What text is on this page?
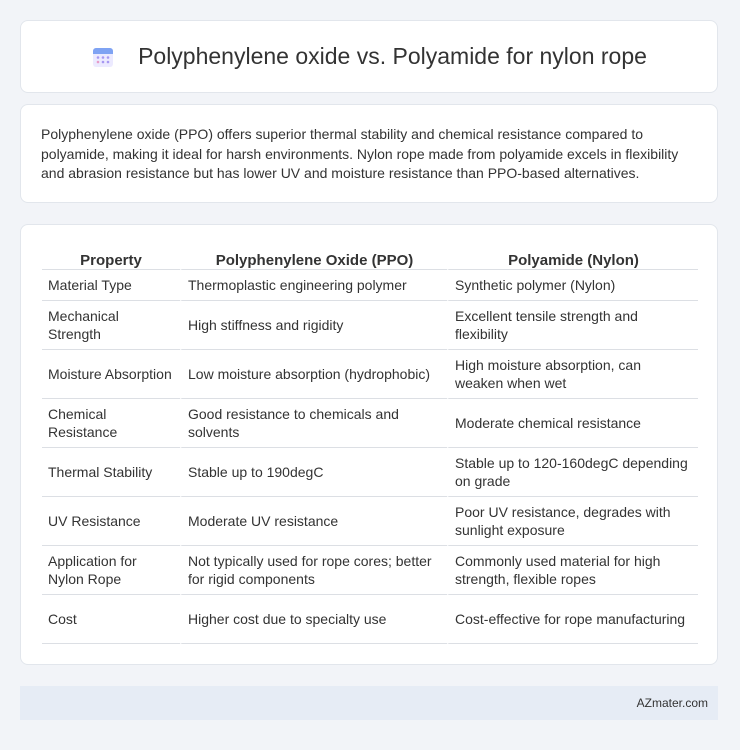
Polyphenylene oxide vs. Polyamide for nylon rope

Polyphenylene oxide (PPO) offers superior thermal stability and chemical resistance compared to polyamide, making it ideal for harsh environments. Nylon rope made from polyamide excels in flexibility and abrasion resistance but has lower UV and moisture resistance than PPO-based alternatives.

Property	Polyphenylene Oxide (PPO)	Polyamide (Nylon)
Material Type	Thermoplastic engineering polymer	Synthetic polymer (Nylon)
Mechanical Strength	High stiffness and rigidity	Excellent tensile strength and flexibility
Moisture Absorption	Low moisture absorption (hydrophobic)	High moisture absorption, can weaken when wet
Chemical Resistance	Good resistance to chemicals and solvents	Moderate chemical resistance
Thermal Stability	Stable up to 190degC	Stable up to 120-160degC depending on grade
UV Resistance	Moderate UV resistance	Poor UV resistance, degrades with sunlight exposure
Application for Nylon Rope	Not typically used for rope cores; better for rigid components	Commonly used material for high strength, flexible ropes
Cost	Higher cost due to specialty use	Cost-effective for rope manufacturing
AZmater.com
